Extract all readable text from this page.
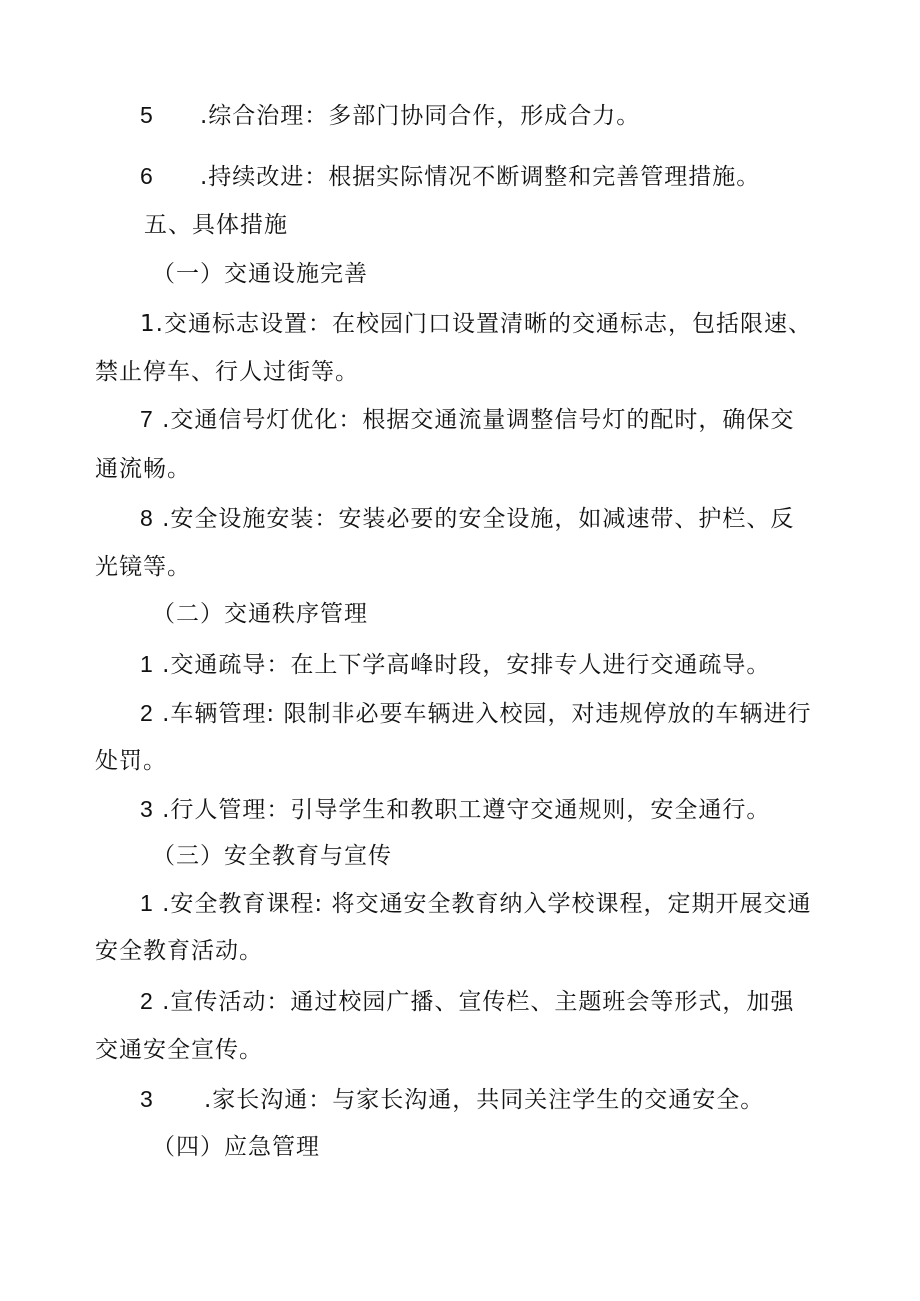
5 .综合治理：多部门协同合作，形成合力。
6 .持续改进：根据实际情况不断调整和完善管理措施。
五、具体措施
（一）交通设施完善
1.交通标志设置：在校园门口设置清晰的交通标志，包括限速、
禁止停车、行人过街等。
7 .交通信号灯优化：根据交通流量调整信号灯的配时，确保交
通流畅。
8 .安全设施安装：安装必要的安全设施，如减速带、护栏、反
光镜等。
（二）交通秩序管理
1 .交通疏导：在上下学高峰时段，安排专人进行交通疏导。
2 .车辆管理: 限制非必要车辆进入校园，对违规停放的车辆进行
处罚。
3 .行人管理：引导学生和教职工遵守交通规则，安全通行。
（三）安全教育与宣传
1 .安全教育课程: 将交通安全教育纳入学校课程，定期开展交通
安全教育活动。
2 .宣传活动：通过校园广播、宣传栏、主题班会等形式，加强
交通安全宣传。
3 .家长沟通：与家长沟通，共同关注学生的交通安全。
（四）应急管理
